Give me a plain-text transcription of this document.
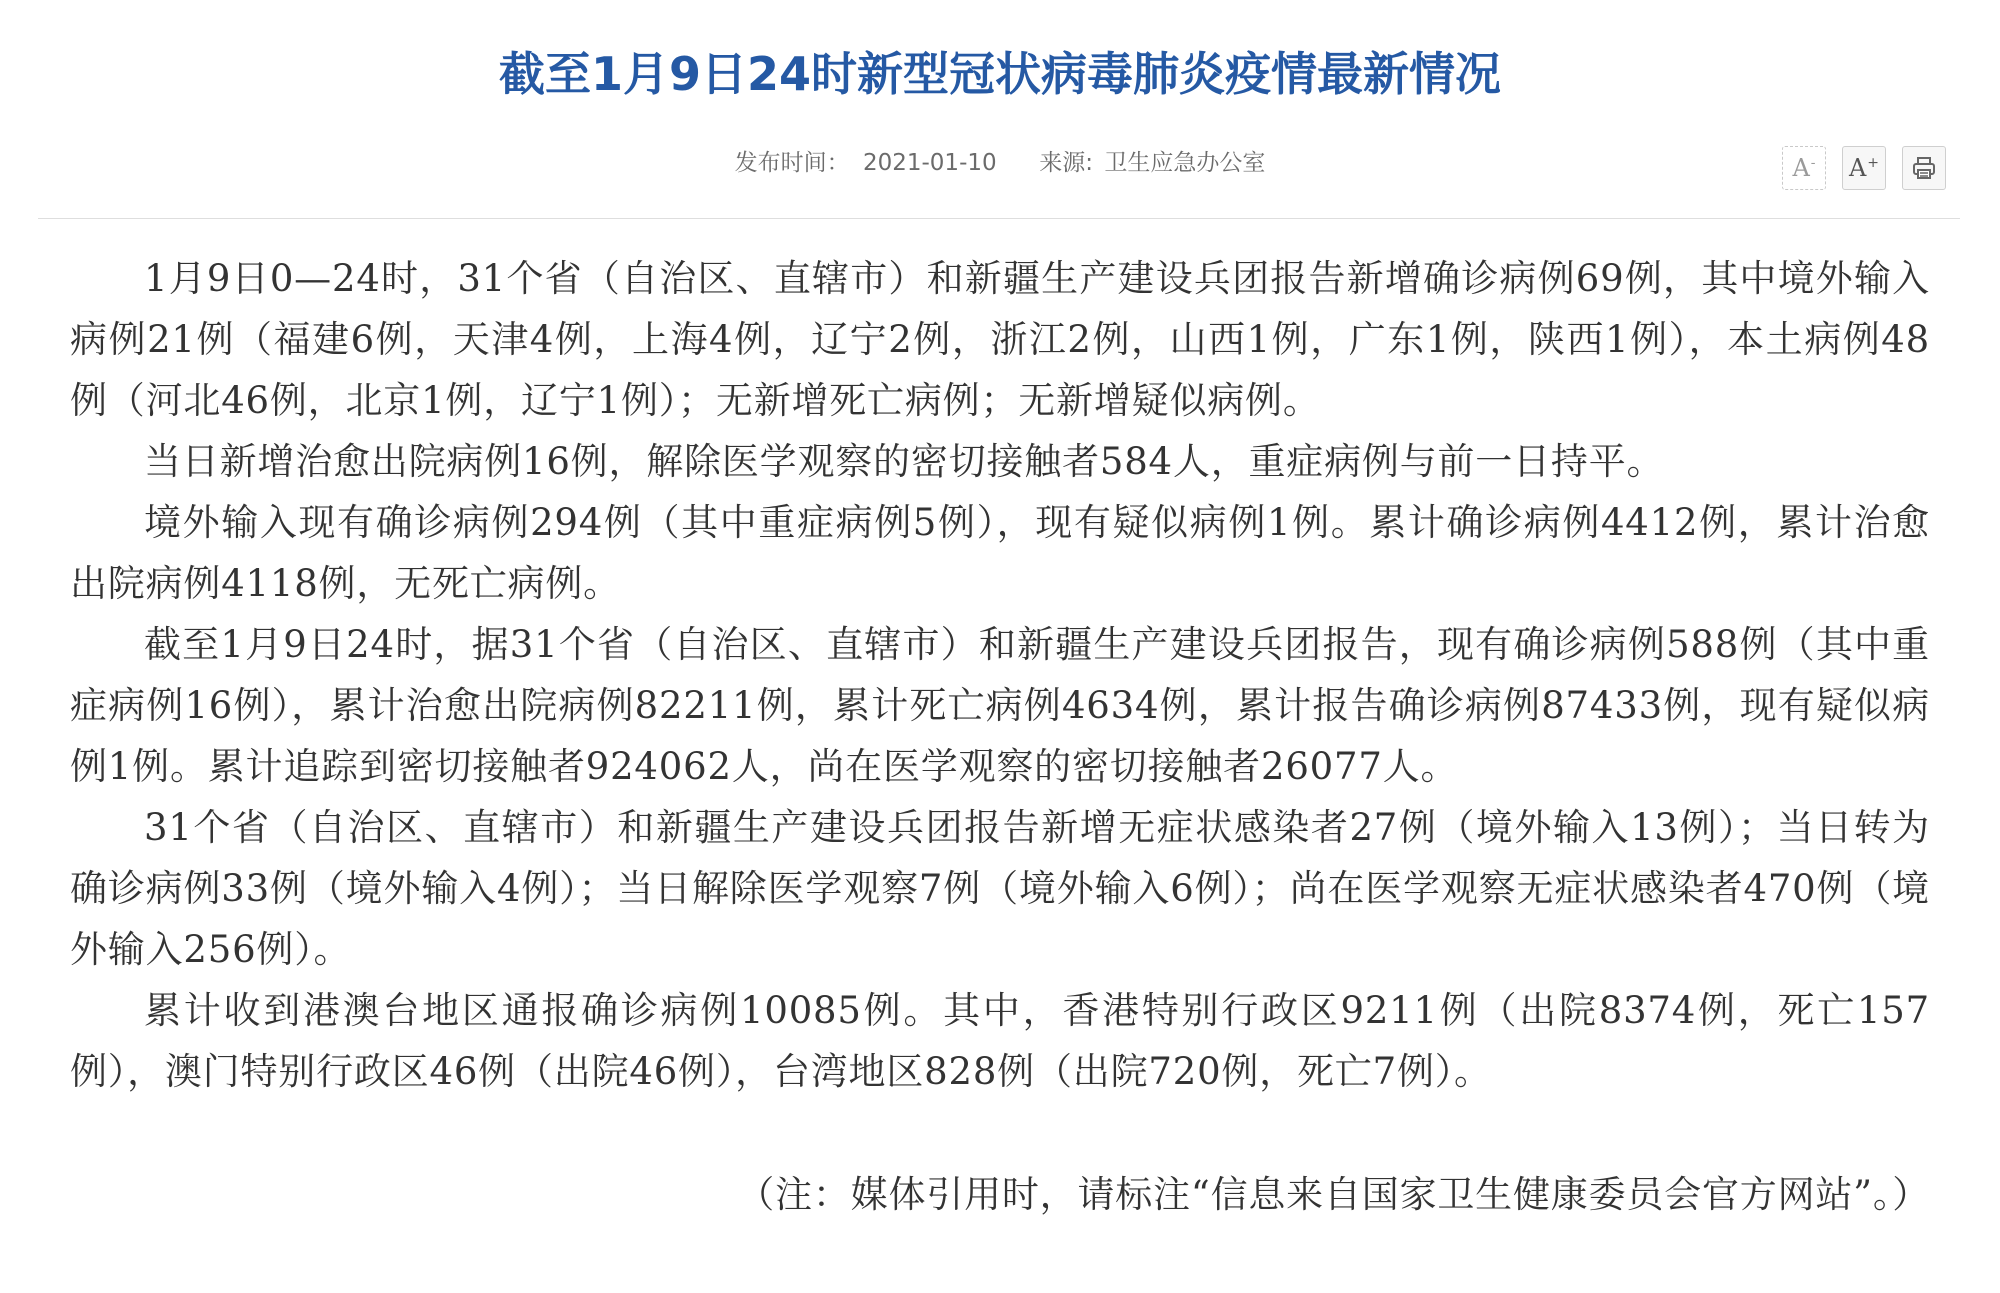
截至1月9日24时新型冠状病毒肺炎疫情最新情况
发布时间： 2021-01-10 来源: 卫生应急办公室	A- A+

1月9日0—24时，31个省（自治区、直辖市）和新疆生产建设兵团报告新增确诊病例69例，其中境外输入病例21例（福建6例，天津4例，上海4例，辽宁2例，浙江2例，山西1例，广东1例，陕西1例），本土病例48例（河北46例，北京1例，辽宁1例）；无新增死亡病例；无新增疑似病例。

当日新增治愈出院病例16例，解除医学观察的密切接触者584人，重症病例与前一日持平。

境外输入现有确诊病例294例（其中重症病例5例），现有疑似病例1例。累计确诊病例4412例，累计治愈出院病例4118例，无死亡病例。

截至1月9日24时，据31个省（自治区、直辖市）和新疆生产建设兵团报告，现有确诊病例588例（其中重症病例16例），累计治愈出院病例82211例，累计死亡病例4634例，累计报告确诊病例87433例，现有疑似病例1例。累计追踪到密切接触者924062人，尚在医学观察的密切接触者26077人。

31个省（自治区、直辖市）和新疆生产建设兵团报告新增无症状感染者27例（境外输入13例）；当日转为确诊病例33例（境外输入4例）；当日解除医学观察7例（境外输入6例）；尚在医学观察无症状感染者470例（境外输入256例）。

累计收到港澳台地区通报确诊病例10085例。其中，香港特别行政区9211例（出院8374例，死亡157例），澳门特别行政区46例（出院46例），台湾地区828例（出院720例，死亡7例）。

（注：媒体引用时，请标注“信息来自国家卫生健康委员会官方网站”。）
